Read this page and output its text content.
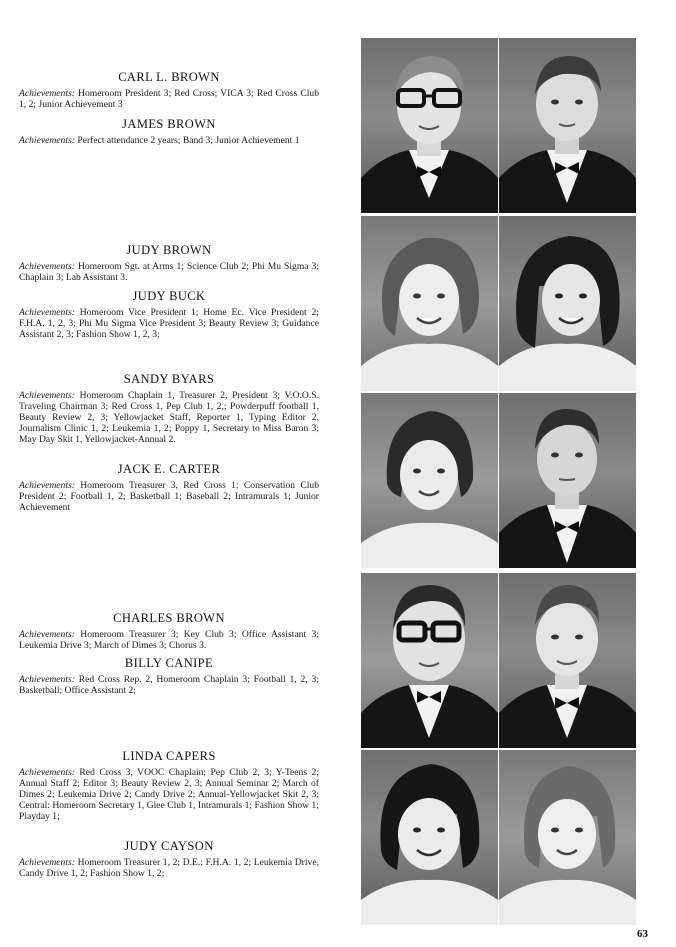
CARL L. BROWN

Achievements: Homeroom President 3; Red Cross; VICA 3; Red Cross Club 1, 2; Junior Achievement 3

JAMES BROWN

Achievements: Perfect attendance 2 years; Band 3; Junior Achievement 1

JUDY BROWN

Achievements: Homeroom Sgt. at Arms 1; Science Club 2; Phi Mu Sigma 3; Chaplain 3; Lab Assistant 3.

JUDY BUCK

Achievements: Homeroom Vice President 1; Home Ec. Vice President 2; F.H.A. 1, 2, 3; Phi Mu Sigma Vice President 3; Beauty Review 3; Guidance Assistant 2, 3; Fashion Show 1, 2, 3;

SANDY BYARS

Achievements: Homeroom Chaplain 1, Treasurer 2, President 3; V.O.O.S. Traveling Chairman 3; Red Cross 1, Pep Club 1, 2,; Powderpuff football 1, Beauty Review 2, 3; Yellowjacket Staff, Reporter 1, Typing Editor 2, Journalism Clinic 1, 2; Leukemia 1, 2; Poppy 1, Secretary to Miss Baron 3; May Day Skit 1, Yellowjacket-Annual 2.

JACK E. CARTER

Achievements: Homeroom Treasurer 3, Red Cross 1; Conservation Club President 2; Football 1, 2; Basketball 1; Baseball 2; Intramurals 1; Junior Achievement

CHARLES BROWN

Achievements: Homeroom Treasurer 3; Key Club 3; Office Assistant 3; Leukemia Drive 3; March of Dimes 3; Chorus 3.

BILLY CANIPE

Achievements: Red Cross Rep. 2, Homeroom Chaplain 3; Football 1, 2, 3; Basketball; Office Assistant 2;

LINDA CAPERS

Achievements: Red Cross 3, VOOC Chaplain; Pep Club 2, 3; Y-Teens 2; Annual Staff 2; Editor 3; Beauty Review 2, 3; Annual Seminar 2; March of Dimes 2; Leukemia Drive 2; Candy Drive 2; Annual-Yellowjacket Skit 2, 3; Central: Homeroom Secretary 1, Glee Club 1, Intramurals 1; Fashion Show 1; Playday 1;

JUDY CAYSON

Achievements: Homeroom Treasurer 1, 2; D.E.; F.H.A. 1, 2; Leukemia Drive, Candy Drive 1, 2; Fashion Show 1, 2;

63
